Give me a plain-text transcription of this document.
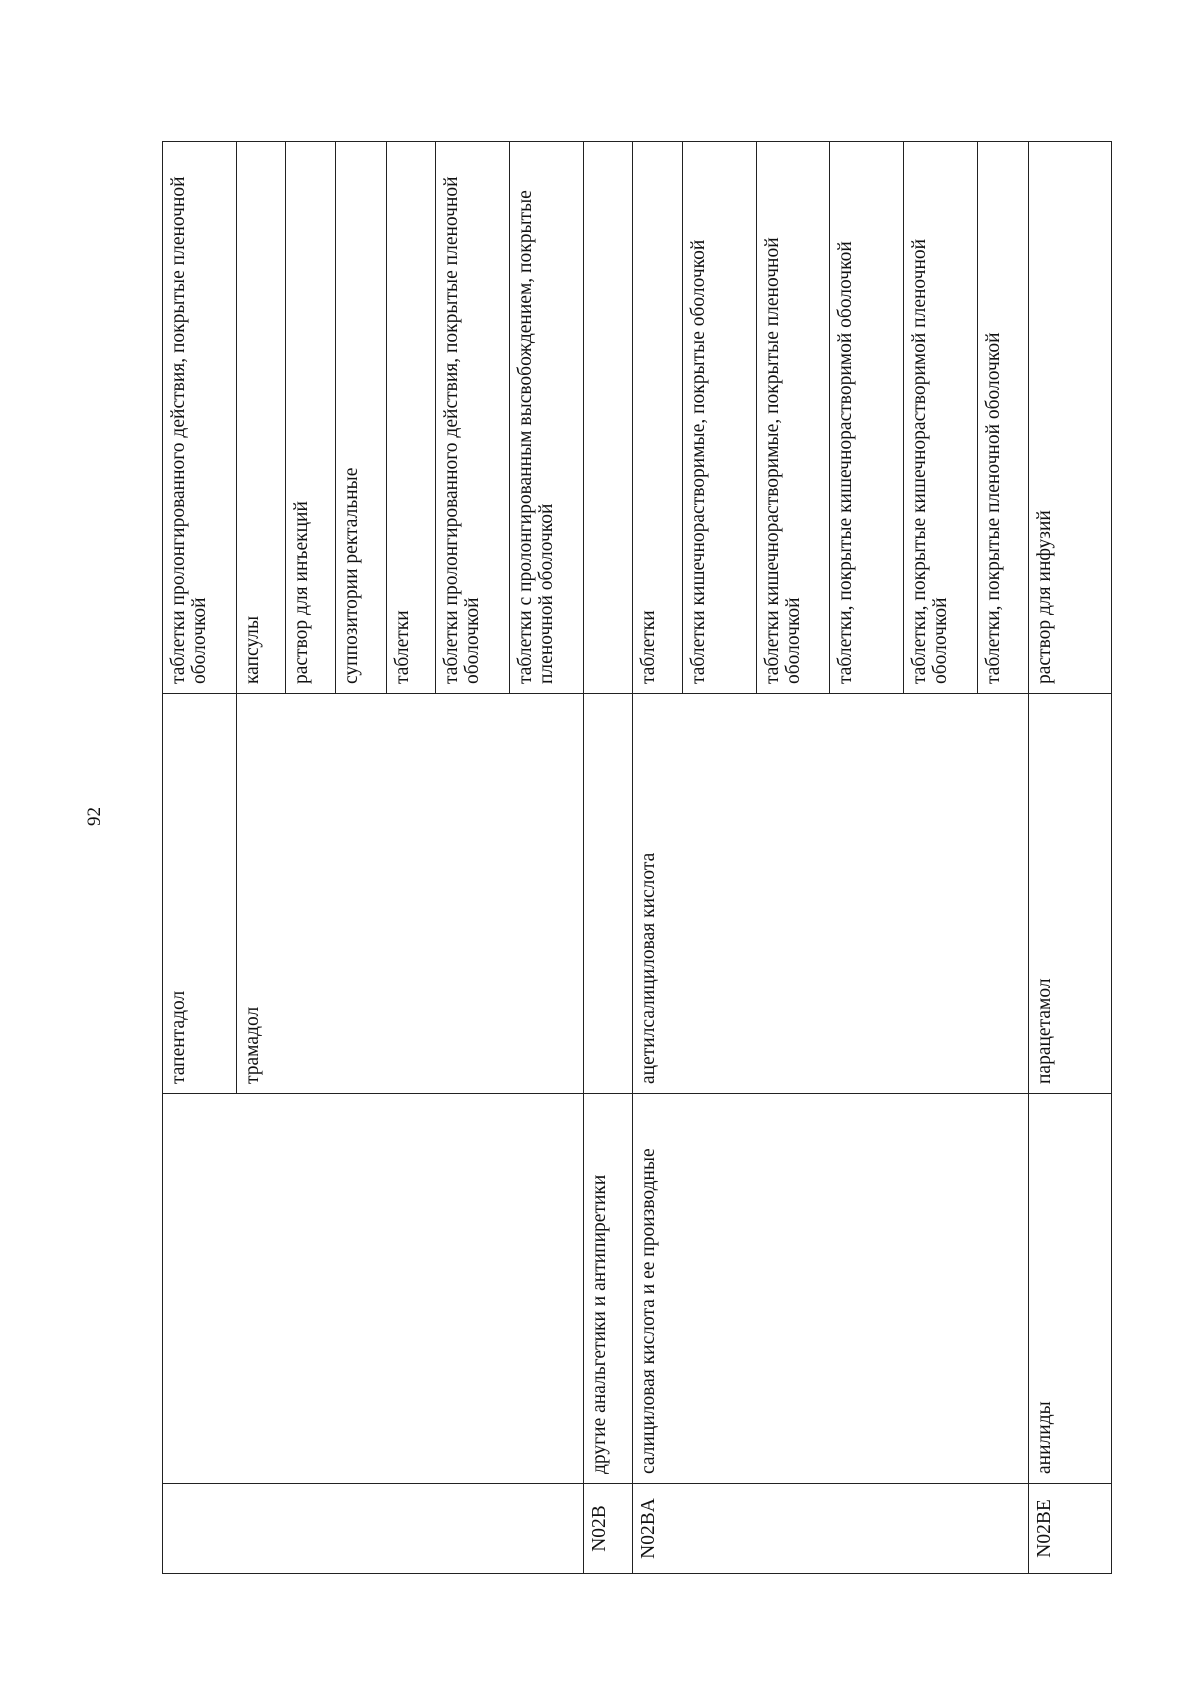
92
		тапентадол	таблетки пролонгированного действия, покрытые пленочной оболочкой
		трамадол	капсулы
			раствор для инъекций
			суппозитории ректальные
			таблетки
			таблетки пролонгированного действия, покрытые пленочной оболочкой
			таблетки с пролонгированным высвобождением, покрытые пленочной оболочкой
N02B	другие анальгетики и антипиретики		
N02BA	салициловая кислота и ее производные	ацетилсалициловая кислота	таблетки
			таблетки кишечнорастворимые, покрытые оболочкой
			таблетки кишечнорастворимые, покрытые пленочной оболочкой
			таблетки, покрытые кишечнорастворимой оболочкой
			таблетки, покрытые кишечнорастворимой пленочной оболочкой
			таблетки, покрытые пленочной оболочкой
N02BE	анилиды	парацетамол	раствор для инфузий
